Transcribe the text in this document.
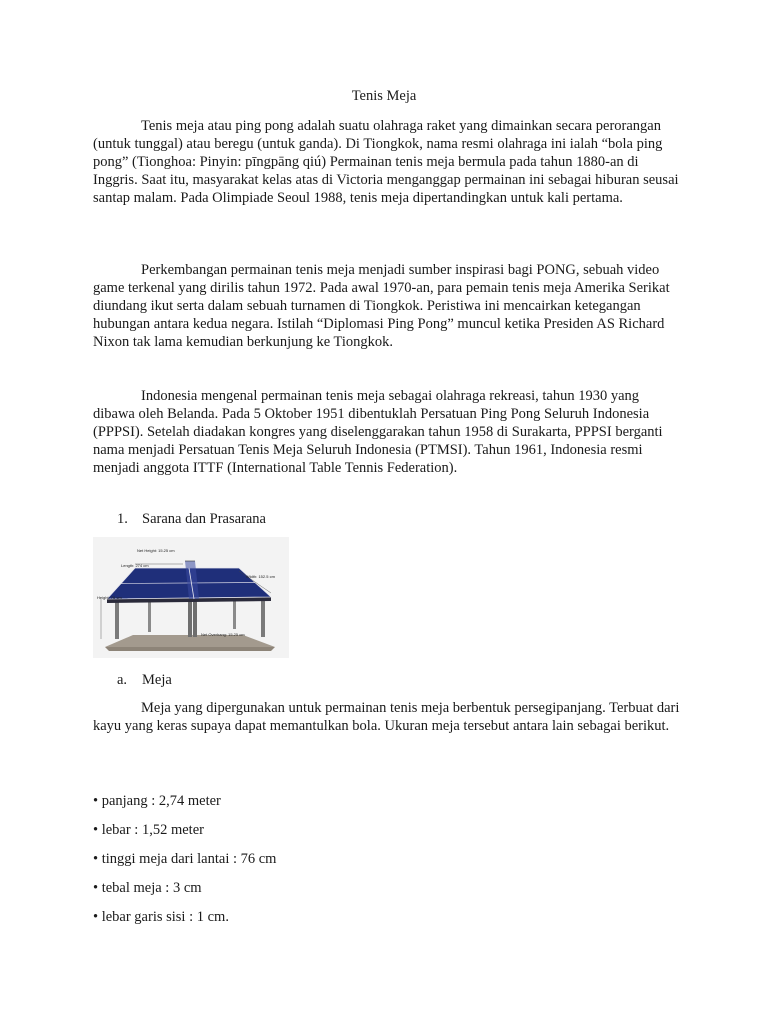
Tenis Meja

Tenis meja atau ping pong adalah suatu olahraga raket yang dimainkan secara perorangan (untuk tunggal) atau beregu (untuk ganda). Di Tiongkok, nama resmi olahraga ini ialah “bola ping pong” (Tionghoa: Pinyin: pīngpāng qiú) Permainan tenis meja bermula pada tahun 1880-an di Inggris. Saat itu, masyarakat kelas atas di Victoria menganggap permainan ini sebagai hiburan seusai santap malam. Pada Olimpiade Seoul 1988, tenis meja dipertandingkan untuk kali pertama.

Perkembangan permainan tenis meja menjadi sumber inspirasi bagi PONG, sebuah video game terkenal yang dirilis tahun 1972. Pada awal 1970-an, para pemain tenis meja Amerika Serikat diundang ikut serta dalam sebuah turnamen di Tiongkok. Peristiwa ini mencairkan ketegangan hubungan antara kedua negara. Istilah “Diplomasi Ping Pong” muncul ketika Presiden AS Richard Nixon tak lama kemudian berkunjung ke Tiongkok.

Indonesia mengenal permainan tenis meja sebagai olahraga rekreasi, tahun 1930 yang dibawa oleh Belanda. Pada 5 Oktober 1951 dibentuklah Persatuan Ping Pong Seluruh Indonesia (PPPSI). Setelah diadakan kongres yang diselenggarakan tahun 1958 di Surakarta, PPPSI berganti nama menjadi Persatuan Tenis Meja Seluruh Indonesia (PTMSI). Tahun 1961, Indonesia resmi menjadi anggota ITTF (International Table Tennis Federation).

1. Sarana dan Prasarana
Net Height: 15.25 cm
Length: 274 cm
Width: 152.5 cm
Height: 76 cm
Net Overhang: 15.25 cm
a. Meja

Meja yang dipergunakan untuk permainan tenis meja berbentuk persegipanjang. Terbuat dari kayu yang keras supaya dapat memantulkan bola. Ukuran meja tersebut antara lain sebagai berikut.

• panjang : 2,74 meter
• lebar : 1,52 meter
• tinggi meja dari lantai : 76 cm
• tebal meja : 3 cm
• lebar garis sisi : 1 cm.
